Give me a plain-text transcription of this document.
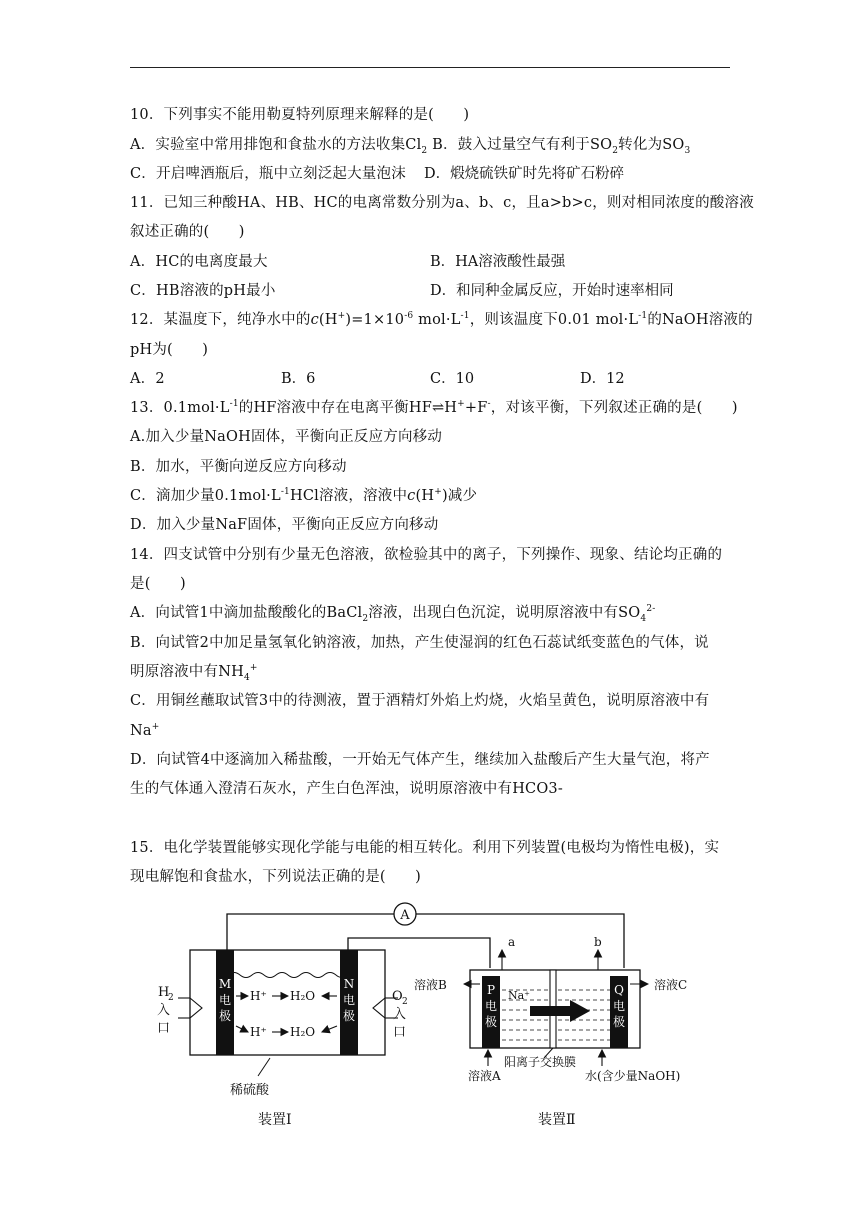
10．下列事实不能用勒夏特列原理来解释的是(　　)
A．实验室中常用排饱和食盐水的方法收集$Cl_2$ B．鼓入过量空气有利于$SO_2$转化为$SO_3$
C．开启啤酒瓶后，瓶中立刻泛起大量泡沫 D．煅烧硫铁矿时先将矿石粉碎
11．已知三种酸HA、HB、HC的电离常数分别为a、b、c，且a>b>c，则对相同浓度的酸溶液
叙述正确的(　　)
A．HC的电离度最大	B．HA溶液酸性最强
C．HB溶液的pH最小	D．和同种金属反应，开始时速率相同
12．某温度下，纯净水中的$c(H^+)=1\times 10^{-6}$ $mol\cdot L^{-1}$，则该温度下0.01 $mol\cdot L^{-1}$的NaOH溶液的
pH为(　　)
A．2	B．6	C．10	D．12
13．$0.1mol\cdot L^{-1}$的HF溶液中存在电离平衡HF⇌H++F-，对该平衡，下列叙述正确的是(　　)
A.加入少量NaOH固体，平衡向正反应方向移动
B．加水，平衡向逆反应方向移动
C．滴加少量$0.1mol\cdot L^{-1}HCl$溶液，溶液中c(H+)减少
D．加入少量NaF固体，平衡向正反应方向移动
14．四支试管中分别有少量无色溶液，欲检验其中的离子，下列操作、现象、结论均正确的
是(　　)
A．向试管1中滴加盐酸酸化的BaCl$_2$溶液，出现白色沉淀，说明原溶液中有$SO_4^{2-}$
B．向试管2中加足量氢氧化钠溶液，加热，产生使湿润的红色石蕊试纸变蓝色的气体，说
明原溶液中有$NH_4^+$
C．用铜丝蘸取试管3中的待测液，置于酒精灯外焰上灼烧，火焰呈黄色，说明原溶液中有
Na+
D．向试管4中逐滴加入稀盐酸，一开始无气体产生，继续加入盐酸后产生大量气泡，将产
生的气体通入澄清石灰水，产生白色浑浊，说明原溶液中有HCO3-
15．电化学装置能够实现化学能与电能的相互转化。利用下列装置(电极均为惰性电极)，实
现电解饱和食盐水，下列说法正确的是(　　)
A
M
电
极
N
电
极
H⁺ H₂O
H⁺ H₂O
稀硫酸
装置Ⅰ
H
2
入
口
O 2
入
口
P
电
极
Q
电
极
Na⁺
a	b
溶液B	溶液C
溶液A	水(含少量NaOH)
阳离子交换膜
装置Ⅱ
